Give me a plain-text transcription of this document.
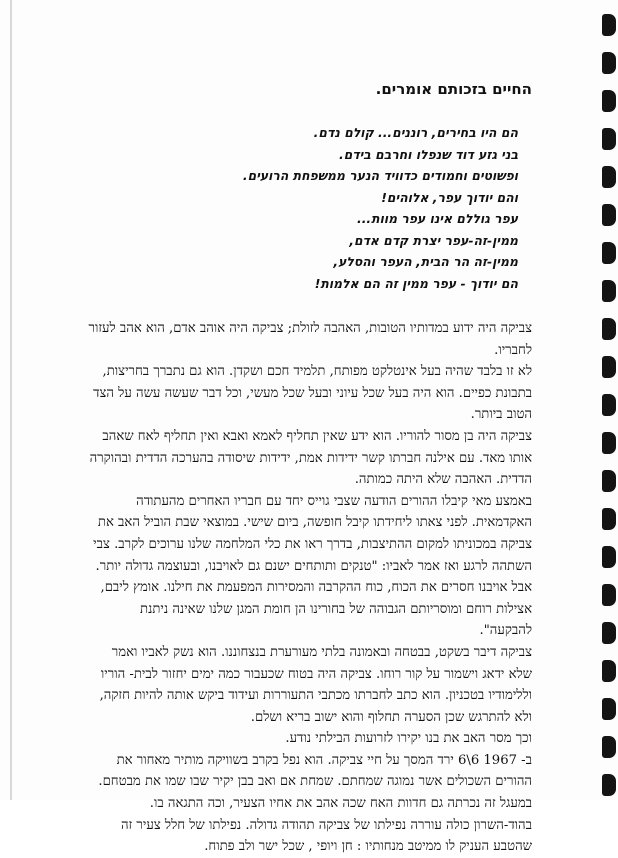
החיים בזכותם אומרים.
הם היו בחירים, רוננים... קולם נדם.
בני גזע דוד שנפלו וחרבם בידם.
ופשוטים וחמודים כדוויד הנער ממשפחת הרועים.
והם יודוך עפר, אלוהים!
עפר גוללם אינו עפר מוות...
ממין-זה-עפר יצרת קדם אדם,
ממין-זה הר הבית, העפר והסלע,
הם יודוך - עפר ממין זה הם אלמות!

צביקה היה ידוע במדותיו הטובות, האהבה לזולת; צביקה היה אוהב אדם, הוא אהב לעזור לחבריו.

לא זו בלבד שהיה בעל אינטלקט מפותח, תלמיד חכם ושקדן. הוא גם נתברך בחריצות, בתבונת כפיים. הוא היה בעל שכל עיוני ובעל שכל מעשי, וכל דבר שעשה עשה על הצד הטוב ביותר.

צביקה היה בן מסור להוריו. הוא ידע שאין תחליף לאמא ואבא ואין תחליף לאח שאהב אותו מאד. עם אילנה חברתו קשר ידידות אמת, ידידות שיסודה בהערכה הדדית ובהוקרה הדדית. האהבה שלא היתה כמותה.

באמצע מאי קיבלו ההורים הודעה שצבי גוייס יחד עם חבריו האחרים מהעתודה האקדמאית. לפני צאתו ליחידתו קיבל חופשה, ביום שישי. במוצאי שבת הוביל האב את צביקה במכוניתו למקום ההתיצבות, בדרך ראו את כלי המלחמה שלנו ערוכים לקרב. צבי השתהה לרגע ואז אמר לאביו: "טנקים ותותחים ישנם גם לאויבנו, ובעוצמה גדולה יותר. אבל אויבנו חסרים את הכוח, כוח ההקרבה והמסירות המפעמת את חילנו. אומץ ליבם, אצילות רוחם ומוסריותם הגבוהה של בחורינו הן חומת המגן שלנו שאינה ניתנת להבקעה".

צביקה דיבר בשקט, בבטחה ובאמונה בלתי מעורערת בנצחוננו. הוא נשק לאביו ואמר שלא ידאג וישמור על קור רוחו. צביקה היה בטוח שכעבור כמה ימים יחזור לבית- הוריו וללימודיו בטכניון. הוא כתב לחברתו מכתבי התעוררות ועידוד ביקש אותה להיות חזקה, ולא להתרגש שכן הסערה תחלוף והוא ישוב בריא ושלם.

וכך מסר האב את בנו יקירו לזרועות הבילתי נודע.

ב- 1967 6\6 ירד המסך על חיי צביקה. הוא נפל בקרב בשוויקה מותיר מאחור את ההורים השכולים אשר נמוגה שמחתם. שמחת אם ואב בבן יקיר שבו שמו את מבטחם. במעגל זה נכרתה גם חדוות האח שכה אהב את אחיו הצעיר, וכה התגאה בו.

בהוד-השרון כולה עוררה נפילתו של צביקה תהודה גדולה. נפילתו של חלל צעיר זה שהטבע העניק לו ממיטב מנחותיו : חן ויופי , שכל ישר ולב פתוח.
